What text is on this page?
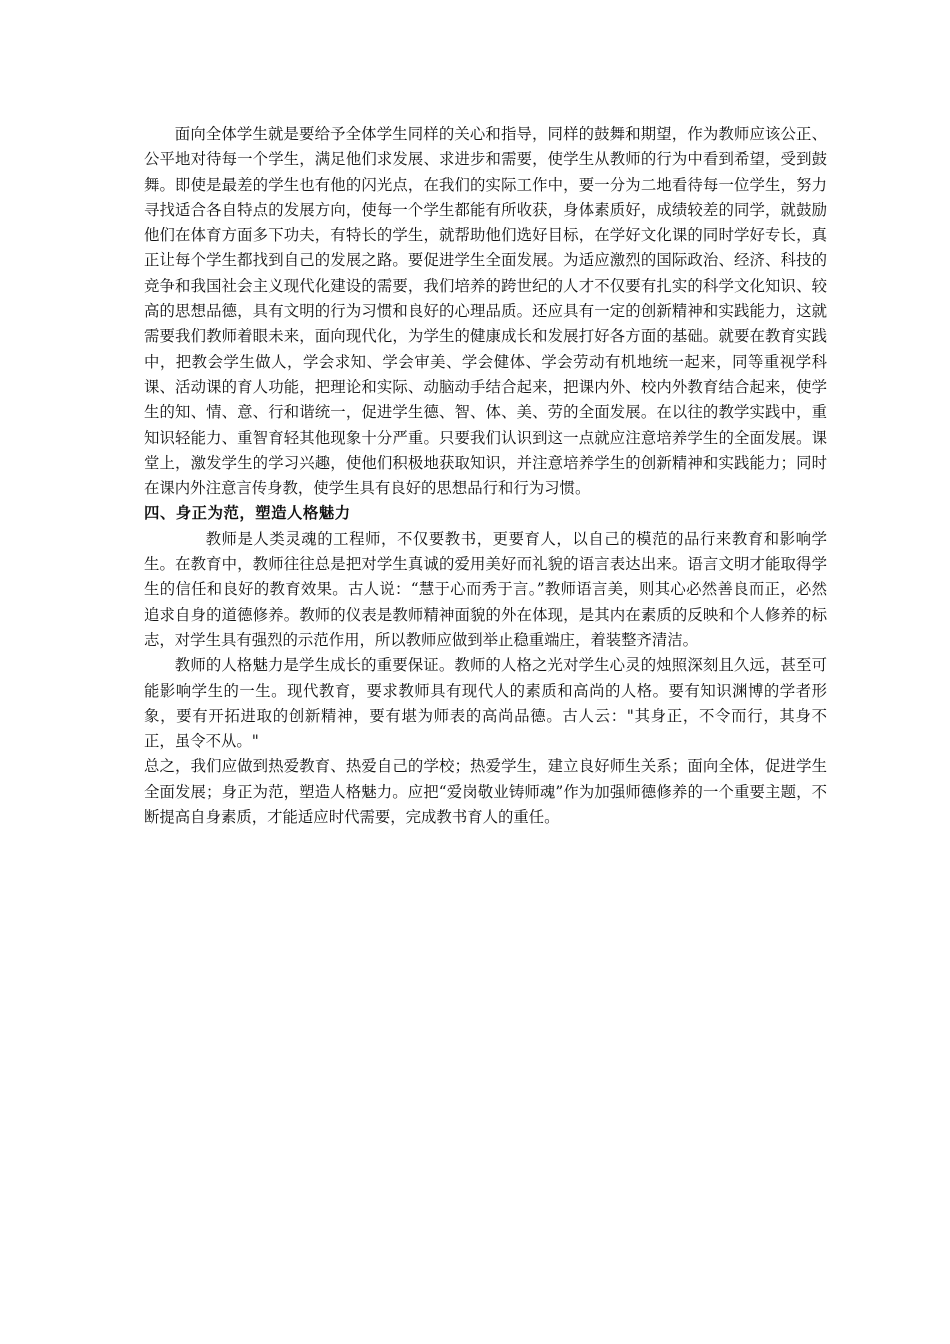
面向全体学生就是要给予全体学生同样的关心和指导，同样的鼓舞和期望，作为教师应该公正、公平地对待每一个学生，满足他们求发展、求进步和需要，使学生从教师的行为中看到希望，受到鼓舞。即使是最差的学生也有他的闪光点，在我们的实际工作中，要一分为二地看待每一位学生，努力寻找适合各自特点的发展方向，使每一个学生都能有所收获，身体素质好，成绩较差的同学，就鼓励他们在体育方面多下功夫，有特长的学生，就帮助他们选好目标，在学好文化课的同时学好专长，真正让每个学生都找到自己的发展之路。要促进学生全面发展。为适应激烈的国际政治、经济、科技的竞争和我国社会主义现代化建设的需要，我们培养的跨世纪的人才不仅要有扎实的科学文化知识、较高的思想品德，具有文明的行为习惯和良好的心理品质。还应具有一定的创新精神和实践能力，这就需要我们教师着眼未来，面向现代化，为学生的健康成长和发展打好各方面的基础。就要在教育实践中，把教会学生做人，学会求知、学会审美、学会健体、学会劳动有机地统一起来，同等重视学科课、活动课的育人功能，把理论和实际、动脑动手结合起来，把课内外、校内外教育结合起来，使学生的知、情、意、行和谐统一，促进学生德、智、体、美、劳的全面发展。在以往的教学实践中，重知识轻能力、重智育轻其他现象十分严重。只要我们认识到这一点就应注意培养学生的全面发展。课堂上，激发学生的学习兴趣，使他们积极地获取知识，并注意培养学生的创新精神和实践能力；同时在课内外注意言传身教，使学生具有良好的思想品行和行为习惯。

四、身正为范，塑造人格魅力

教师是人类灵魂的工程师，不仅要教书，更要育人，以自己的模范的品行来教育和影响学生。在教育中，教师往往总是把对学生真诚的爱用美好而礼貌的语言表达出来。语言文明才能取得学生的信任和良好的教育效果。古人说：“慧于心而秀于言。”教师语言美，则其心必然善良而正，必然追求自身的道德修养。教师的仪表是教师精神面貌的外在体现，是其内在素质的反映和个人修养的标志，对学生具有强烈的示范作用，所以教师应做到举止稳重端庄，着装整齐清洁。

教师的人格魅力是学生成长的重要保证。教师的人格之光对学生心灵的烛照深刻且久远，甚至可能影响学生的一生。现代教育，要求教师具有现代人的素质和高尚的人格。要有知识渊博的学者形象，要有开拓进取的创新精神，要有堪为师表的高尚品德。古人云："其身正，不令而行，其身不正，虽令不从。"

总之，我们应做到热爱教育、热爱自己的学校；热爱学生，建立良好师生关系；面向全体，促进学生全面发展；身正为范，塑造人格魅力。应把“爱岗敬业铸师魂”作为加强师德修养的一个重要主题，不断提高自身素质，才能适应时代需要，完成教书育人的重任。
